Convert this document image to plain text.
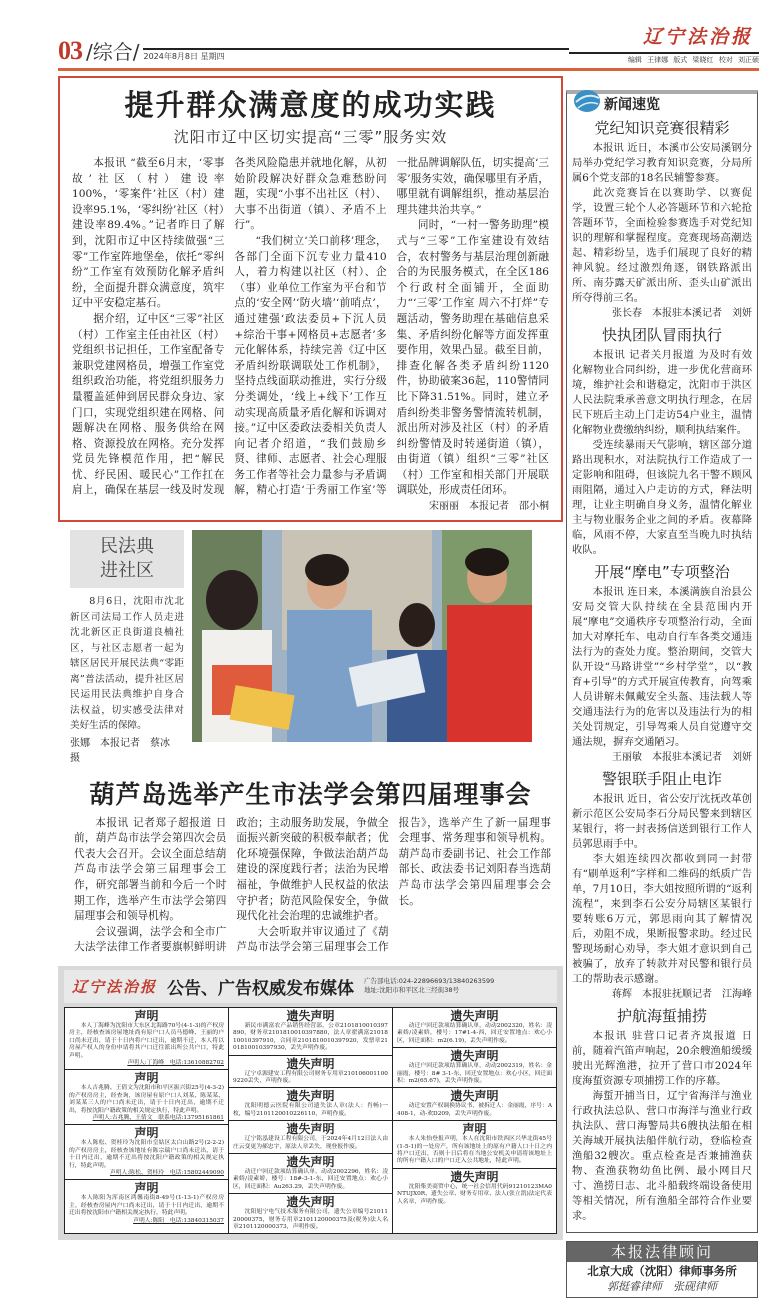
03 /综合/ 2024年8月8日 星期四
辽宁法治报
编辑 王律娜 版式 梁晓红 校对 刘正硕
提升群众满意度的成功实践
沈阳市辽中区切实提高“三零”服务实效

本报讯 “截至6月末，‘零事故’社区（村）建设率100%，‘零案件’社区（村）建设率95.1%，‘零纠纷’社区（村）建设率89.4%。”记者昨日了解到，沈阳市辽中区持续做强“三零”工作室阵地堡垒，依托“零纠纷”工作室有效预防化解矛盾纠纷，全面提升群众满意度，筑牢辽中平安稳定基石。

据介绍，辽中区“三零”社区（村）工作室主任由社区（村）党组织书记担任，工作室配备专兼职党建网格员，增强工作室党组织政治功能，将党组织服务力量覆盖延伸到居民群众身边、家门口，实现党组织建在网格、问题解决在网格、服务供给在网格、资源投放在网格。充分发挥党员先锋模范作用，把“解民忧、纾民困、暖民心”工作扛在肩上，确保在基层一线及时发现各类风险隐患并就地化解，从初始阶段解决好群众急难愁盼问题，实现“小事不出社区（村）、大事不出街道（镇）、矛盾不上行”。

“我们树立‘关口前移’理念，各部门全面下沉专业力量410人，着力构建以社区（村）、企（事）业单位工作室为平台和节点的‘安全网’‘防火墙’‘前哨点’，通过建强‘政法委员+下沉人员+综治干事+网格员+志愿者’多元化解体系，持续完善《辽中区矛盾纠纷联调联处工作机制》，坚持点线面联动推进，实行分级分类调处，‘线上+线下’工作互动实现高质量矛盾化解和诉调对接。”辽中区委政法委相关负责人向记者介绍道，“我们鼓励乡贤、律师、志愿者、社会心理服务工作者等社会力量参与矛盾调解，精心打造‘于秀丽工作室’等一批品牌调解队伍，切实提高‘三零’服务实效，确保哪里有矛盾，哪里就有调解组织，推动基层治理共建共治共享。”

同时，“一村一警务助理”模式与“三零”工作室建设有效结合，农村警务与基层治理创新融合的为民服务模式，在全区186个行政村全面铺开，全面助力“‘三零’工作室 周六不打烊”专题活动，警务助理在基础信息采集、矛盾纠纷化解等方面发挥重要作用，效果凸显。截至目前，排查化解各类矛盾纠纷1120件，协助破案36起，110警情同比下降31.51%。同时，建立矛盾纠纷类非警务警情流转机制，派出所对涉及社区（村）的矛盾纠纷警情及时转递街道（镇），由街道（镇）组织“三零”社区（村）工作室和相关部门开展联调联处，形成责任闭环。

宋丽丽　本报记者　邵小桐
民法典
进社区
8月6日，沈阳市沈北新区司法局工作人员走进沈北新区正良街道良楠社区，与社区志愿者一起为辖区居民开展民法典“零距离”普法活动，提升社区居民运用民法典维护自身合法权益，切实感受法律对美好生活的保障。
张娜　本报记者　蔡冰　摄
葫芦岛选举产生市法学会第四届理事会

本报讯 记者郑子超报道 日前，葫芦岛市法学会第四次会员代表大会召开。会议全面总结葫芦岛市法学会第三届理事会工作，研究部署当前和今后一个时期工作，选举产生市法学会第四届理事会和领导机构。

会议强调，法学会和全市广大法学法律工作者要旗帜鲜明讲政治；主动服务助发展，争做全面振兴新突破的积极奉献者；优化环境强保障，争做法治葫芦岛建设的深度践行者；法治为民增福祉，争做维护人民权益的依法守护者；防范风险保安全，争做现代化社会治理的忠诚维护者。

大会听取并审议通过了《葫芦岛市法学会第三届理事会工作报告》，选举产生了新一届理事会理事、常务理事和领导机构。葫芦岛市委副书记、社会工作部部长、政法委书记刘阳春当选葫芦岛市法学会第四届理事会会长。

辽宁法治报 公告、广告权威发布媒体 广告部电话:024-22896693/13840263599
地址:沈阳市和平区北三经街38号
声明

本人丁海峰为沈阳市大东区北海路70号(4-1-3)的产权房房主，经核查该房屋地址尚有原户口人员马德峰、王丽的户口尚未迁出，请于十日内将户口迁出，逾期不迁，本人将以房屋产权人的身份申请将其户口迁往派出所公共户口，特此声明。

声明人:丁海峰　电话:13610882702
声明

本人吉兆腾、王倩文为沈阳市和平区振兴街25号(4-3-2)的产权房房主，经查询，该房屋有原户口人刘某、陈某某、刘某某三人的户口尚未迁出，请于十日内迁出，逾期不迁出，将按沈阳户籍政策的相关规定执行，特此声明。

声明人:吉兆腾、王倩文　联系电话:13795161861
声明

本人陈松、贺桂玲为沈阳市皇姑区太白山路2号(2-2-2)的产权房房主，经核查该地址有陈宗瑞户口尚未迁出，请于十日内迁出，逾期不迁出将按沈阳户籍政策的相关规定执行，特此声明。

声明人:陈松、贺桂玲　电话:15802449090
声明

本人陈阳为浑南区鸿馨南街8-49号(1-13-1)产权房房主，经核查房屋内户口尚未迁出，请于十日内迁出，逾期不迁出将按沈阳市户籍相关规定执行，特此声明。

声明人:陈阳　电话:13840315037
遗失声明

新民市满富农产品销售经营部，公章2101810010397890，财务章2101810010397880，法人章翟满富2101810010397910，合同章2101810010397920，发票章2101810010397930，丢失声明作废。

遗失声明

辽宁卓源建安工程有限公司财务专用章2101060011009220丢失，声明作废。

遗失声明

沈阳明德云医院有限公司遗失法人章(法人：肖畅)一枚，编号2101120010226110，声明作废。

遗失声明

辽宁铭泓建设工程有限公司，于2024年4月12日法人由庄云变更为郝忠宇，原法人章丢失，现登报作废。

遗失声明

动迁户回迁款项结算确认单，动动2002296，姓名：凌素娇/凌素娇，楼号：18#-3-1-东，回迁安置地点：欢心小区，回迁面积：Au263.29，丢失声明作废。

遗失声明

沈阳旭宁电气技术服务有限公司，遗失公章编号2101120000375，财务专用章2101120000375及(税务)法人名章2101120000373，声明作废。

遗失声明

动迁户回迁款项结算确认单，动动2002320，姓名：凌素娇/凌素娇，楼号：17#1-4-西，回迁安置地点：欢心小区，回迁面积：m2(6.19)，丢失声明作废。

遗失声明

动迁户回迁款项结算确认单，动动2002319，姓名：金丽霞，楼号：8# 3-1-东，回迁安置地点：欢心小区，回迁面积：m2(65.67)，丢失声明作废。

遗失声明

动迁安置产权调换协议书，被拆迁人：金丽霞，序号：A408-1，动-欢D209，丢失声明作废。

声明

本人朱怡登报声明，本人在沈阳市铁西区兴华北街45号(1-5-1)的一处房产，所有该地址上的原有户籍人口十日之内将户口迁出，否则十日后将在当地公安机关申请将该地址上的所有户籍人口的户口迁入公共地址，特此声明。

遗失声明

沈阳柴美商贸中心，统一社会信用代码91210123MA0NTUJX0R，遗失公章、财务专用章、法人(张立凯)法定代表人名章，声明作废。

新闻速览
党纪知识竞赛很精彩

本报讯 近日，本溪市公安局溪钢分局举办党纪学习教育知识竞赛，分局所属6个党支部的18名民辅警参赛。

此次竞赛旨在以赛助学、以赛促学，设置三轮个人必答题环节和六轮抢答题环节，全面检验参赛选手对党纪知识的理解和掌握程度。竞赛现场高潮迭起、精彩纷呈，选手们展现了良好的精神风貌。经过激烈角逐，钢铁路派出所、南芬露天矿派出所、歪头山矿派出所夺得前三名。

张长春　本报驻本溪记者　刘妍
快执团队冒雨执行

本报讯 记者关月报道 为及时有效化解物业合同纠纷，进一步优化营商环境，维护社会和谐稳定，沈阳市于洪区人民法院秉承善意文明执行理念，在居民下班后主动上门走访54户业主，温情化解物业费缴纳纠纷，顺利执结案件。

受连续暴雨天气影响，辖区部分道路出现积水，对法院执行工作造成了一定影响和阻碍，但该院九名干警不顾风雨阻隔，通过入户走访的方式，释法明理，让业主明确自身义务，温情化解业主与物业服务企业之间的矛盾。夜幕降临，风雨不停，大家直至当晚九时执结收队。

开展“摩电”专项整治

本报讯 连日来，本溪满族自治县公安局交管大队持续在全县范围内开展“摩电”交通秩序专项整治行动，全面加大对摩托车、电动自行车各类交通违法行为的查处力度。整治期间，交管大队开设“马路讲堂”“乡村学堂”，以“教育+引导”的方式开展宣传教育，向驾乘人员讲解未佩戴安全头盔、违法载人等交通违法行为的危害以及违法行为的相关处罚规定，引导驾乘人员自觉遵守交通法规，摒弃交通陋习。

王丽敏　本报驻本溪记者　刘妍
警银联手阻止电诈

本报讯 近日，省公安厅沈抚改革创新示范区公安局李石分局民警来到辖区某银行，将一封表扬信送到银行工作人员郭思雨手中。

李大姐连续四次都收到同一封带有“刷单返利”字样和二维码的纸质广告单，7月10日，李大姐按照所谓的“返利流程”，来到李石公安分局辖区某银行要转账6万元，郭思雨向其了解情况后，劝阻不成，果断报警求助。经过民警现场耐心劝导，李大姐才意识到自己被骗了，放弃了转款并对民警和银行员工的帮助表示感谢。

蒋辉　本报驻抚顺记者　江海峰
护航海蜇捕捞

本报讯 驻营口记者齐岚报道 日前，随着汽笛声响起，20余艘渔船缓缓驶出光辉渔港，拉开了营口市2024年度海蜇资源专项捕捞工作的序幕。

海蜇开捕当日，辽宁省海洋与渔业行政执法总队、营口市海洋与渔业行政执法队、营口海警局共6艘执法船在相关海域开展执法船伴航行动，登临检查渔船32艘次。重点检查是否兼捕渔获物、查渔获物幼鱼比例、最小网目尺寸、渔捞日志、北斗船载终端设备使用等相关情况，所有渔船全部符合作业要求。

本报法律顾问
北京大成（沈阳）律师事务所
郭挺睿律师　张砚律师
